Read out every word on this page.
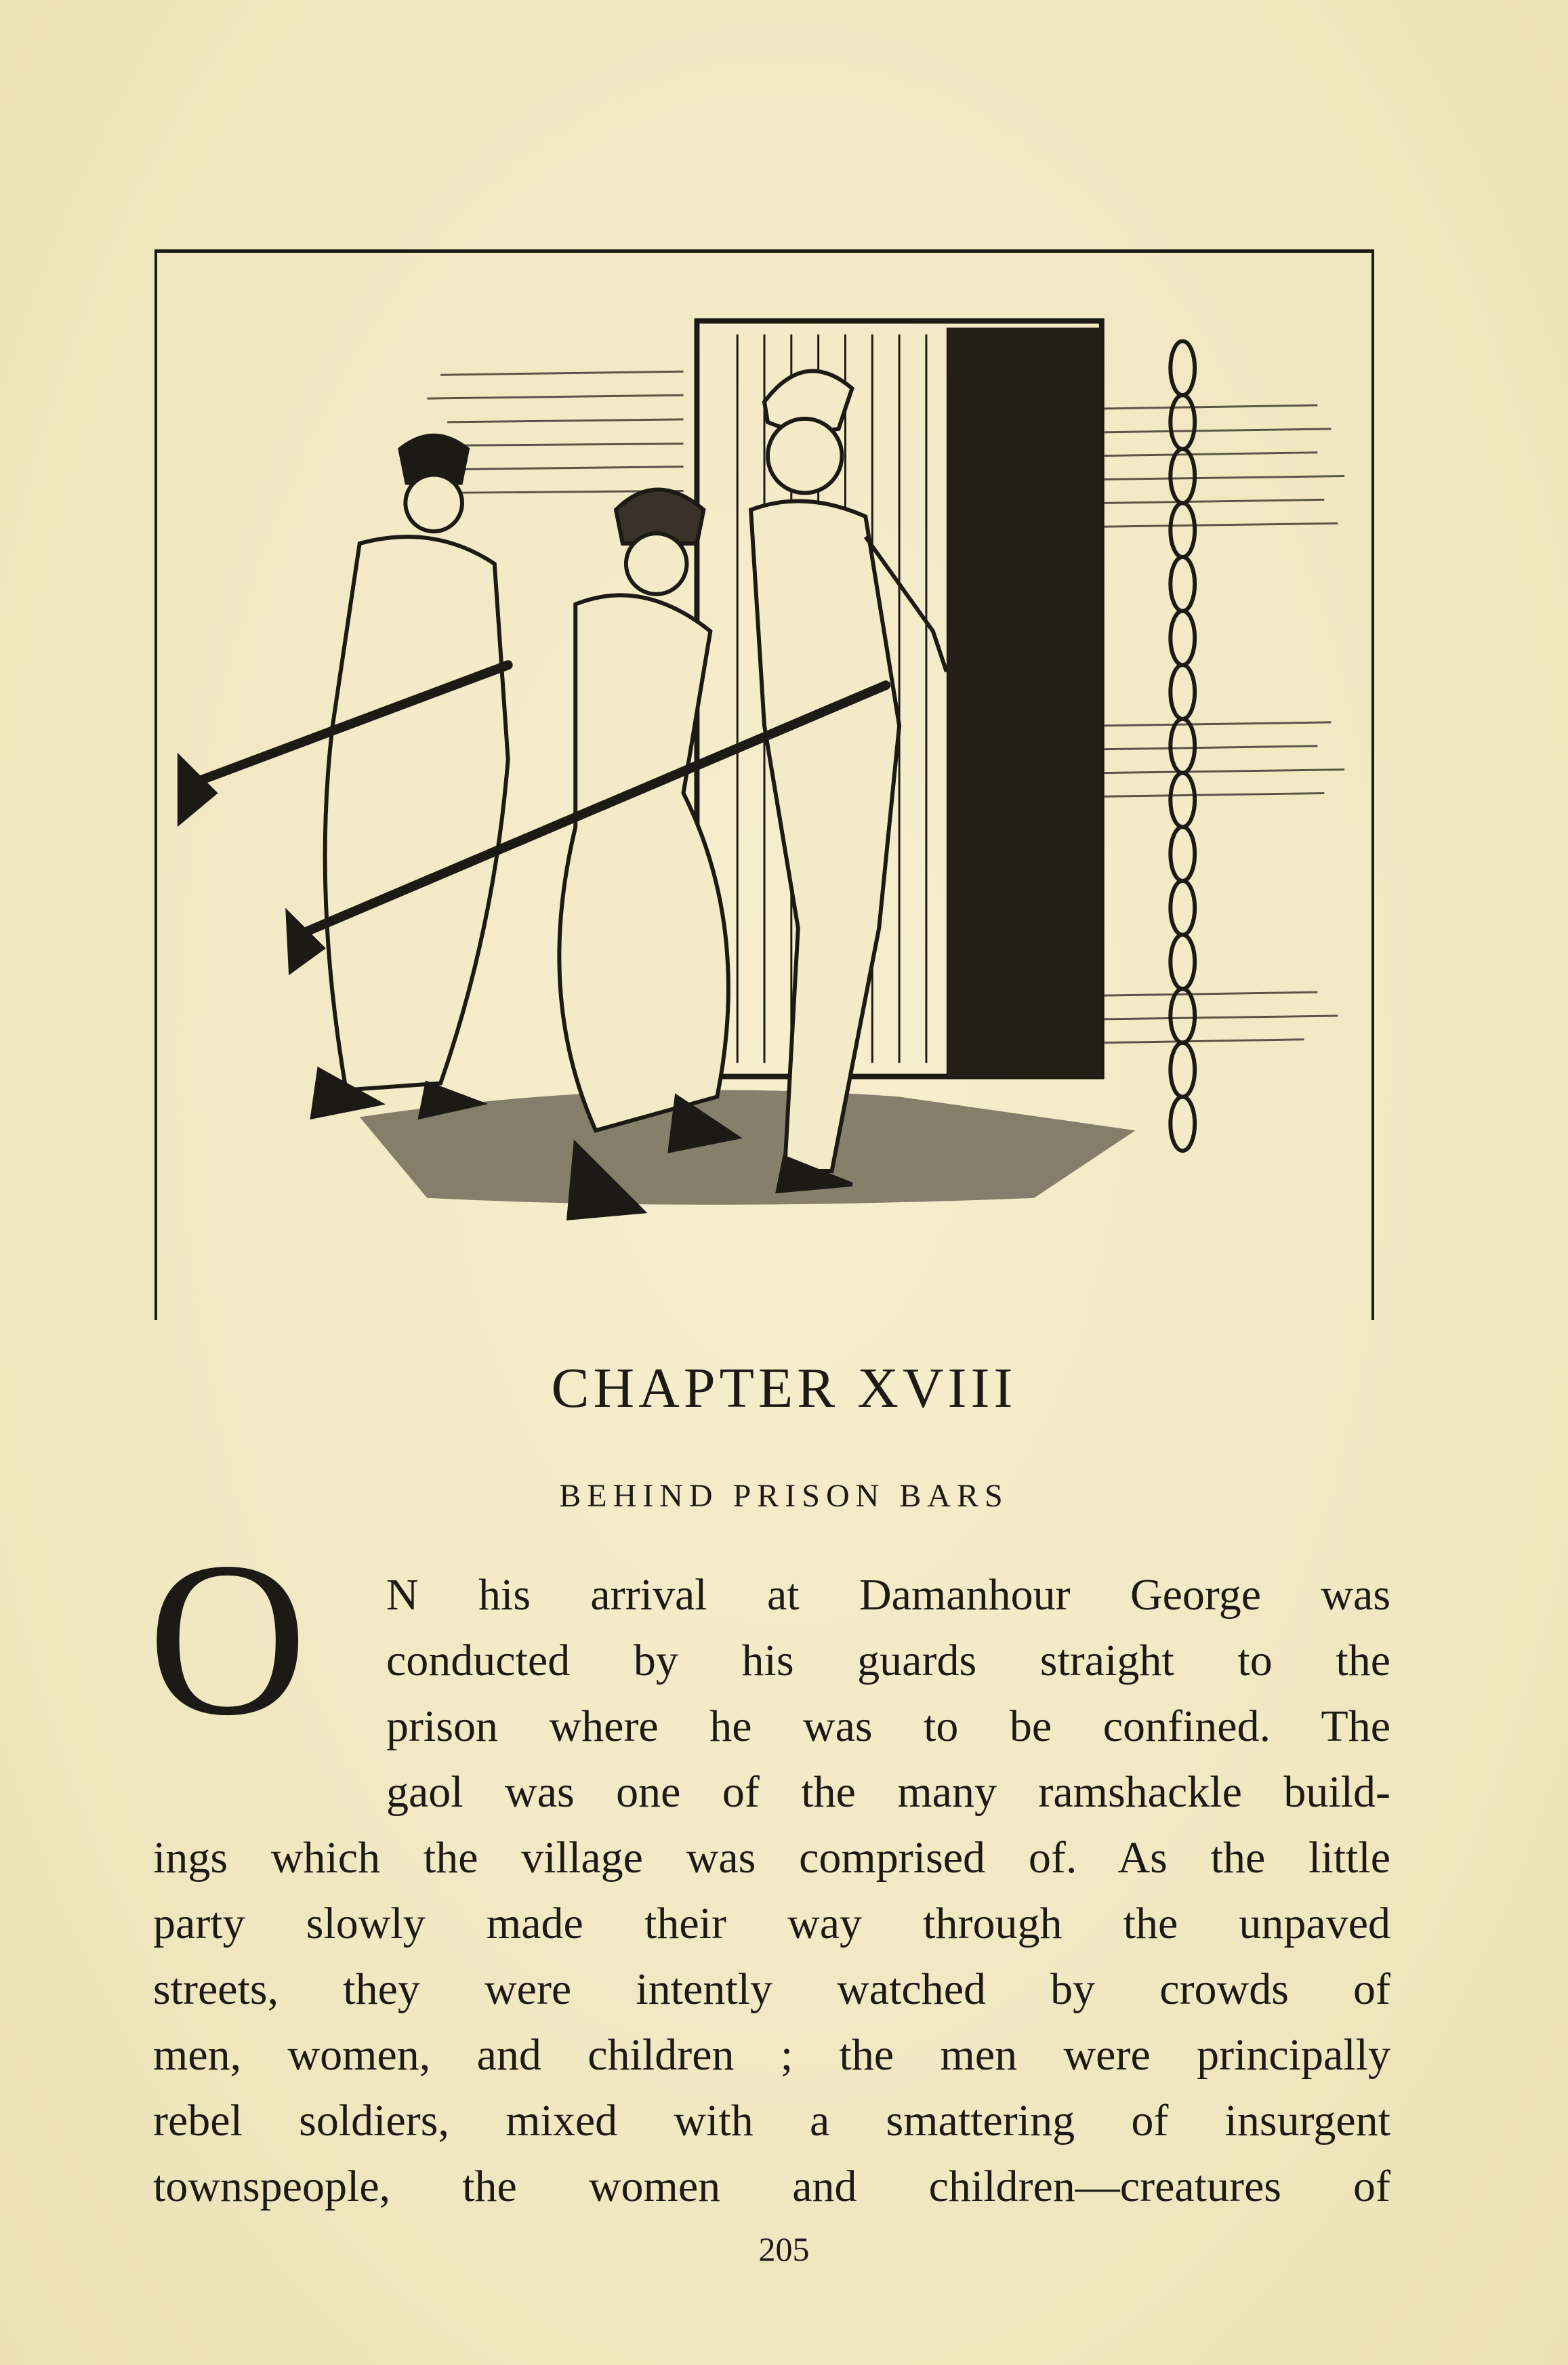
CHAPTER XVIII
BEHIND PRISON BARS
O N his arrival at Damanhour George was
conducted by his guards straight to the
prison where he was to be confined. The
gaol was one of the many ramshackle build-
ings which the village was comprised of. As the little
party slowly made their way through the unpaved
streets, they were intently watched by crowds of
men, women, and children ; the men were principally
rebel soldiers, mixed with a smattering of insurgent
townspeople, the women and children—creatures of
205
